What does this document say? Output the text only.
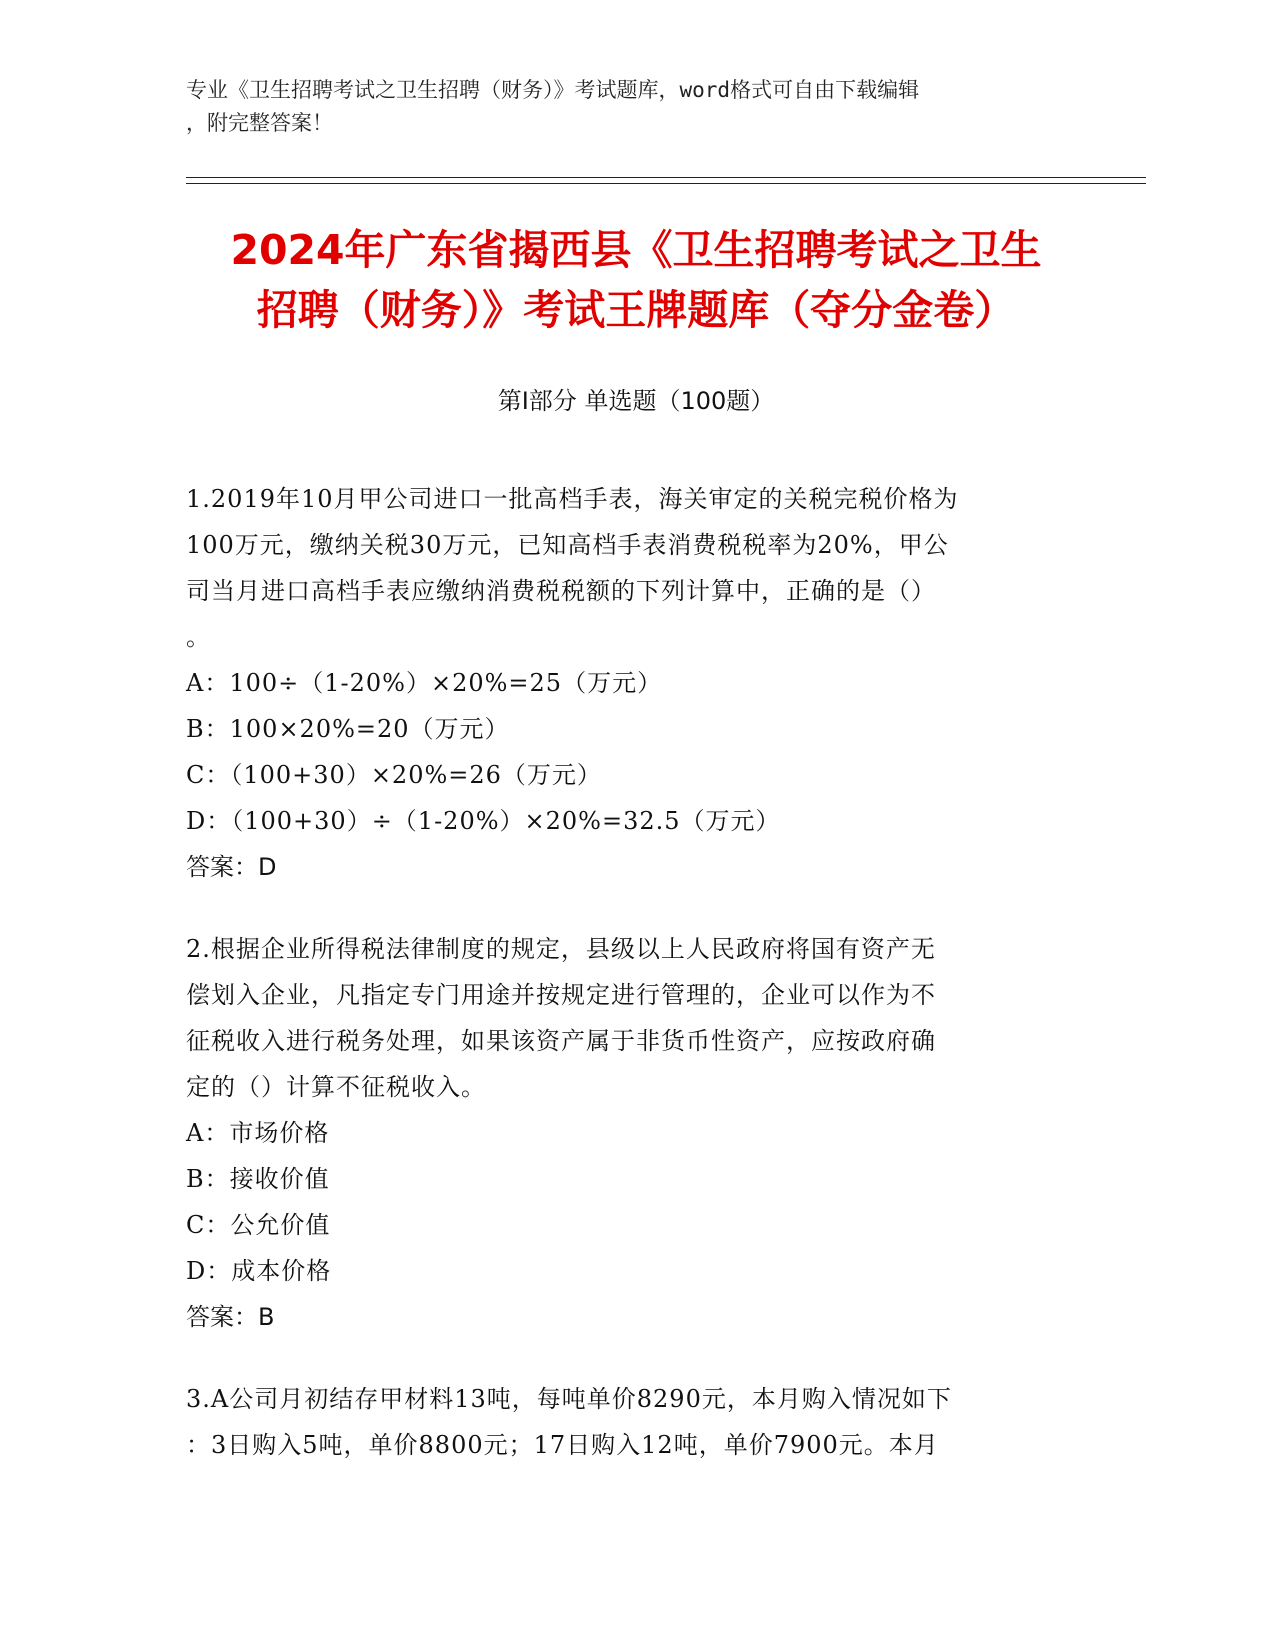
专业《卫生招聘考试之卫生招聘（财务）》考试题库，word格式可自由下载编辑
，附完整答案！
2024年广东省揭西县《卫生招聘考试之卫生
招聘（财务）》考试王牌题库（夺分金卷）
第Ⅰ部分 单选题（100题）

1.2019年10月甲公司进口一批高档手表，海关审定的关税完税价格为

100万元，缴纳关税30万元，已知高档手表消费税税率为20%，甲公

司当月进口高档手表应缴纳消费税税额的下列计算中，正确的是（）

。

A：100÷（1-20%）×20%=25（万元）

B：100×20%=20（万元）

C：（100+30）×20%=26（万元）

D：（100+30）÷（1-20%）×20%=32.5（万元）

答案：D

2.根据企业所得税法律制度的规定，县级以上人民政府将国有资产无

偿划入企业，凡指定专门用途并按规定进行管理的，企业可以作为不

征税收入进行税务处理，如果该资产属于非货币性资产，应按政府确

定的（）计算不征税收入。

A：市场价格

B：接收价值

C：公允价值

D：成本价格

答案：B

3.A公司月初结存甲材料13吨，每吨单价8290元，本月购入情况如下

：3日购入5吨，单价8800元；17日购入12吨，单价7900元。本月
